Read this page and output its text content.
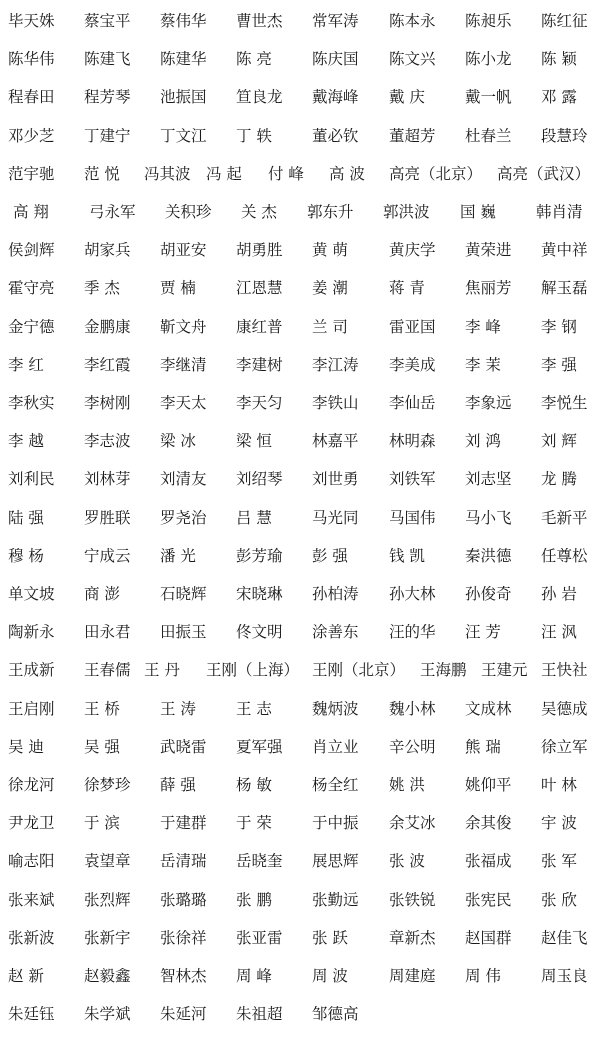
毕天姝 蔡宝平 蔡伟华 曹世杰 常军涛 陈本永 陈昶乐 陈红征
陈华伟 陈建飞 陈建华 陈 亮	陈庆国 陈文兴 陈小龙 陈 颖
程春田 程芳琴 池振国 笪良龙 戴海峰 戴 庆	戴一帆 邓 露
邓少芝 丁建宁 丁文江 丁 轶	董必钦 董超芳 杜春兰 段慧玲
范宇驰 范 悦 冯其波 冯 起 付 峰 高 波 高亮（北京） 高亮（武汉）
高 翔	弓永军 关积珍 关 杰 郭东升 郭洪波 国 巍	韩肖清
侯剑辉 胡家兵 胡亚安 胡勇胜 黄 萌	黄庆学 黄荣进 黄中祥
霍守亮 季 杰	贾 楠	江恩慧 姜 潮	蒋 青	焦丽芳 解玉磊
金宁德 金鹏康 靳文舟 康红普 兰 司	雷亚国 李 峰	李 钢
李 红	李红霞 李继清 李建树 李江涛 李美成 李 茉	李 强
李秋实 李树刚 李天太 李天匀 李铁山 李仙岳 李象远 李悦生
李 越	李志波 梁 冰	梁 恒	林嘉平 林明森 刘 鸿	刘 辉
刘利民 刘林芽 刘清友 刘绍琴 刘世勇 刘铁军 刘志坚 龙 腾
陆 强	罗胜联 罗尧治 吕 慧	马光同 马国伟 马小飞 毛新平
穆 杨	宁成云 潘 光	彭芳瑜 彭 强	钱 凯	秦洪德 任尊松
单文坡 商 澎	石晓辉 宋晓琳 孙柏涛 孙大林 孙俊奇 孙 岩
陶新永 田永君 田振玉 佟文明 涂善东 汪的华 汪 芳	汪 沨
王成新 王春儒 王 丹 王刚（上海） 王刚（北京） 王海鹏 王建元 王快社
王启刚 王 桥	王 涛	王 志	魏炳波 魏小林 文成林 吴德成
吴 迪	吴 强	武晓雷 夏军强 肖立业 辛公明 熊 瑞	徐立军
徐龙河 徐梦珍 薛 强	杨 敏	杨全红 姚 洪	姚仰平 叶 林
尹龙卫 于 滨	于建群 于 荣	于中振 余艾冰 余其俊 宇 波
喻志阳 袁望章 岳清瑞 岳晓奎 展思辉 张 波	张福成 张 军
张来斌 张烈辉 张璐璐 张 鹏	张勤远 张铁锐 张宪民 张 欣
张新波 张新宇 张徐祥 张亚雷 张 跃	章新杰 赵国群 赵佳飞
赵 新	赵毅鑫 智林杰 周 峰	周 波	周建庭 周 伟	周玉良
朱廷钰 朱学斌 朱延河 朱祖超 邹德高
